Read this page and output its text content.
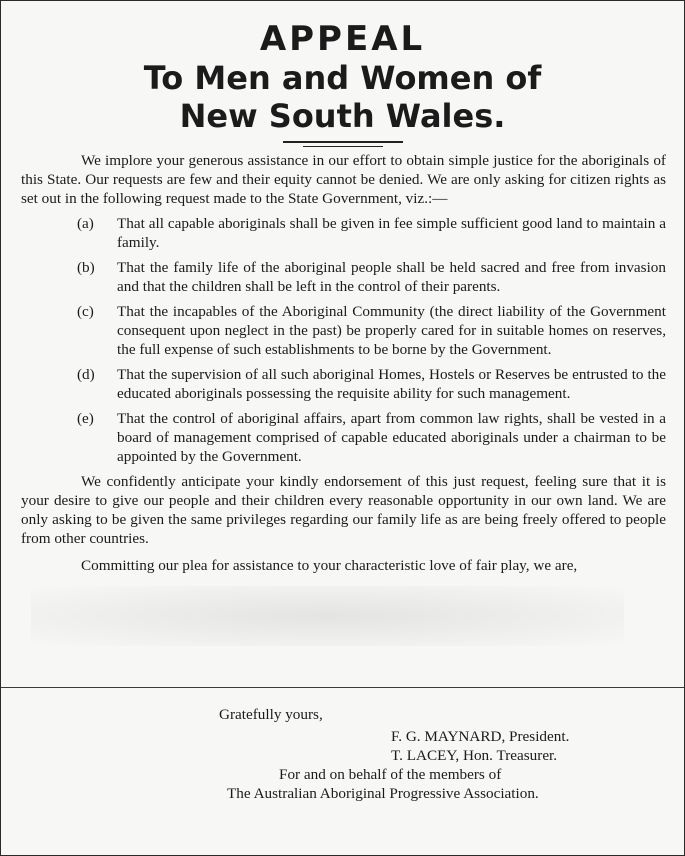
APPEAL
To Men and Women of
New South Wales.

We implore your generous assistance in our effort to obtain simple justice for the aboriginals of this State. Our requests are few and their equity cannot be denied. We are only asking for citizen rights as set out in the following request made to the State Government, viz.:—

(a)	That all capable aboriginals shall be given in fee simple sufficient good land to maintain a family.
(b)	That the family life of the aboriginal people shall be held sacred and free from invasion and that the children shall be left in the control of their parents.
(c)	That the incapables of the Aboriginal Community (the direct liability of the Government consequent upon neglect in the past) be properly cared for in suitable homes on reserves, the full expense of such establishments to be borne by the Government.
(d)	That the supervision of all such aboriginal Homes, Hostels or Reserves be entrusted to the educated aboriginals possessing the requisite ability for such management.
(e)	That the control of aboriginal affairs, apart from common law rights, shall be vested in a board of management comprised of capable educated aboriginals under a chairman to be appointed by the Government.

We confidently anticipate your kindly endorsement of this just request, feeling sure that it is your desire to give our people and their children every reasonable opportunity in our own land. We are only asking to be given the same privileges regarding our family life as are being freely offered to people from other countries.

Committing our plea for assistance to your characteristic love of fair play, we are,

Gratefully yours,
F. G. MAYNARD, President.
T. LACEY, Hon. Treasurer.
For and on behalf of the members of
The Australian Aboriginal Progressive Association.
